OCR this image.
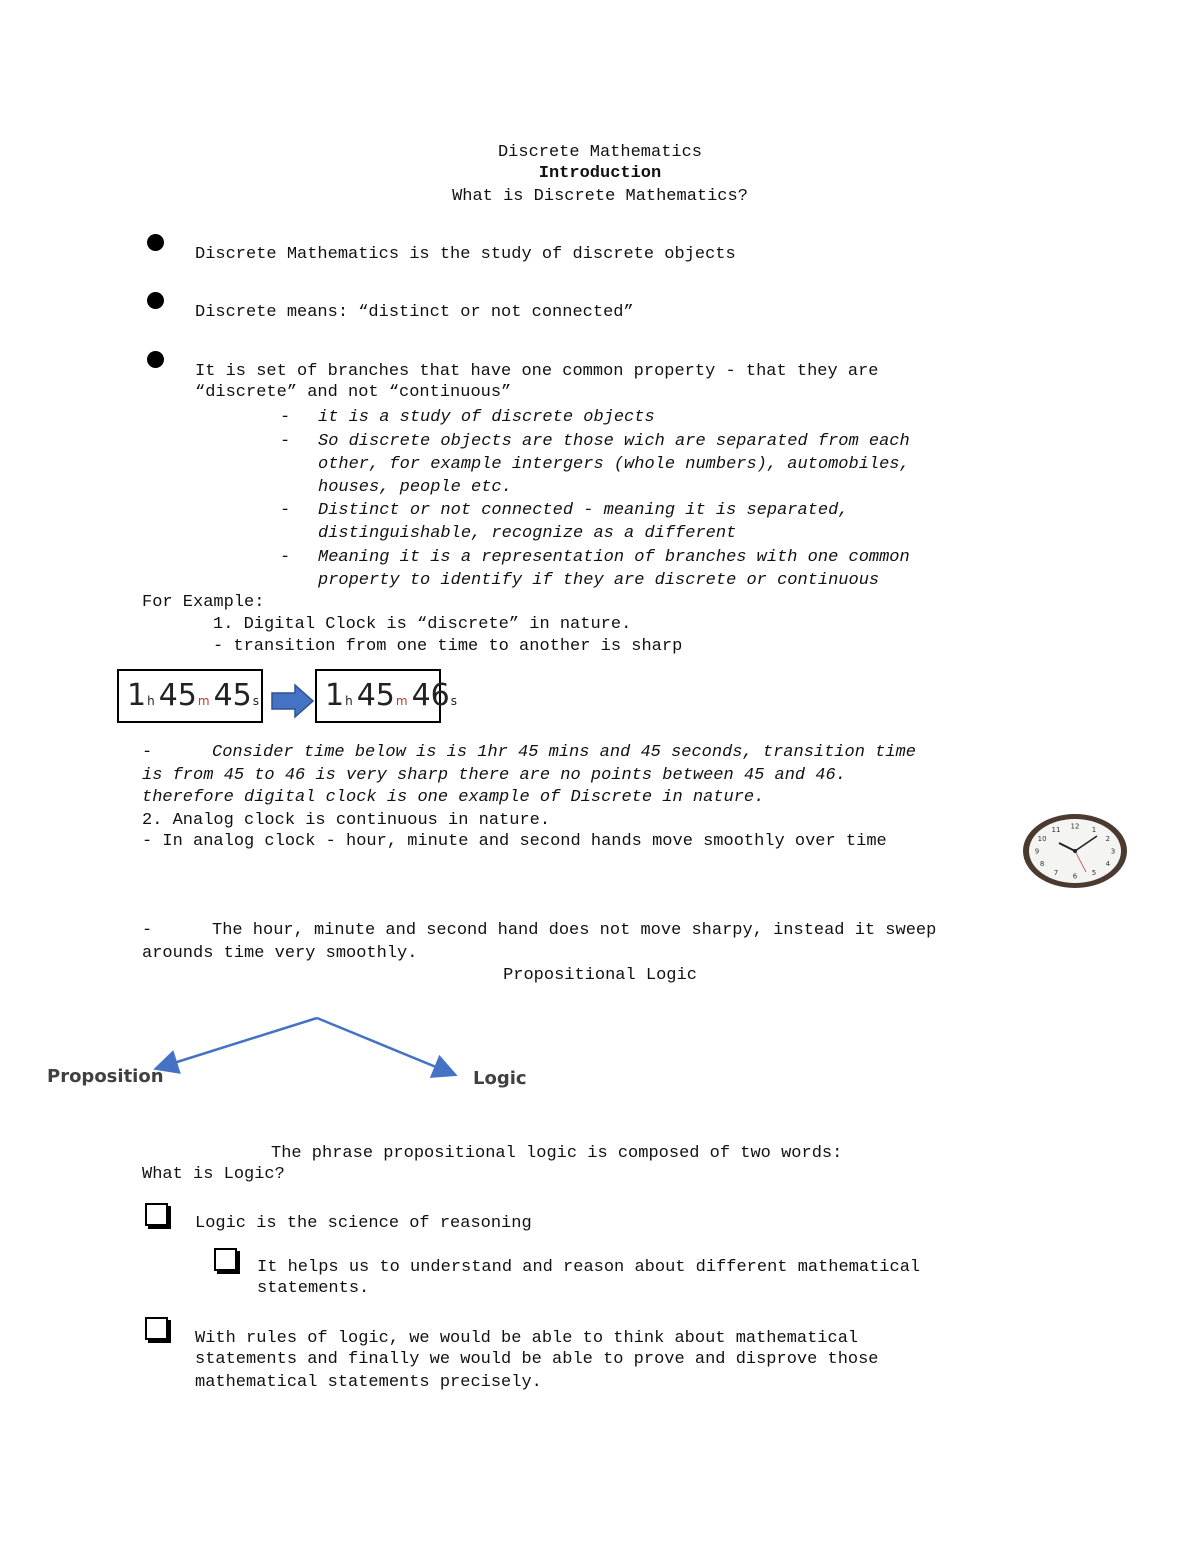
Discrete Mathematics
Introduction
What is Discrete Mathematics?
Discrete Mathematics is the study of discrete objects
Discrete means: “distinct or not connected”
It is set of branches that have one common property - that they are
“discrete” and not “continuous”
- it is a study of discrete objects
- So discrete objects are those wich are separated from each
other, for example intergers (whole numbers), automobiles,
houses, people etc.
- Distinct or not connected - meaning it is separated,
distinguishable, recognize as a different
- Meaning it is a representation of branches with one common
property to identify if they are discrete or continuous
For Example:
1. Digital Clock is “discrete” in nature.
- transition from one time to another is sharp
1h 45m 45s	1h 45m 46s
-	Consider time below is is 1hr 45 mins and 45 seconds, transition time
is from 45 to 46 is very sharp there are no points between 45 and 46.
therefore digital clock is one example of Discrete in nature.
2. Analog clock is continuous in nature.
- In analog clock - hour, minute and second hands move smoothly over time
12 1
2
3
4
5
6
7
8
9
10
11
-	The hour, minute and second hand does not move sharpy, instead it sweep
arounds time very smoothly.
Propositional Logic
Proposition	Logic
The phrase propositional logic is composed of two words:
What is Logic?
Logic is the science of reasoning
It helps us to understand and reason about different mathematical
statements.
With rules of logic, we would be able to think about mathematical
statements and finally we would be able to prove and disprove those
mathematical statements precisely.
